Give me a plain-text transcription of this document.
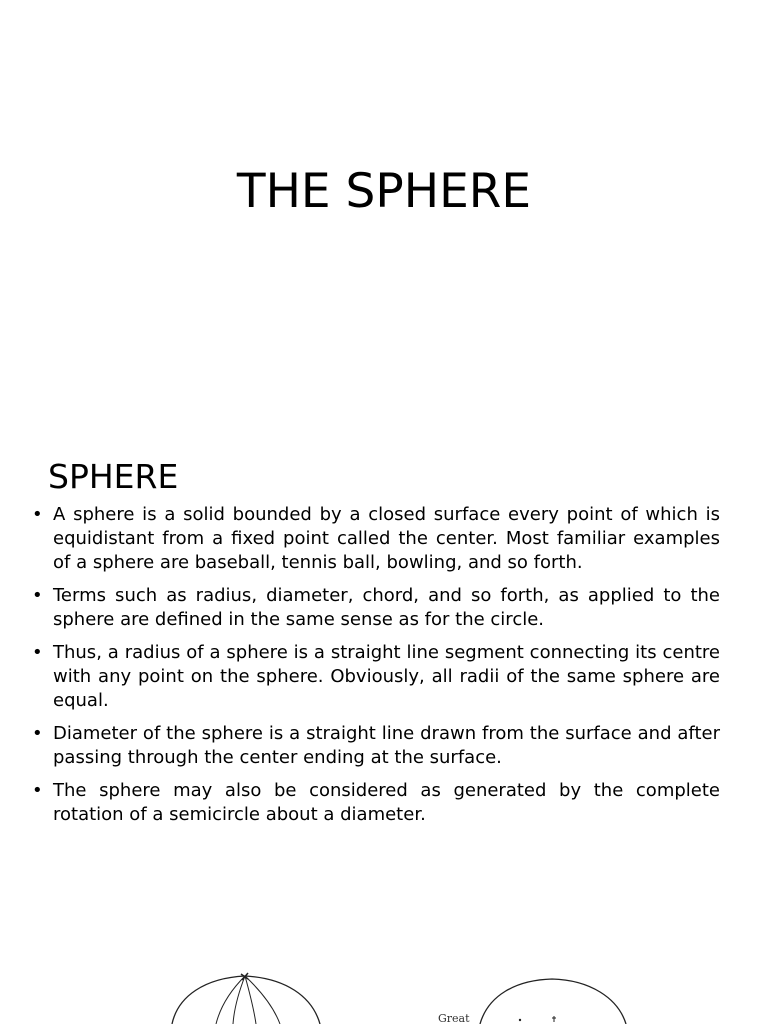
THE SPHERE
SPHERE
• A sphere is a solid bounded by a closed surface every point of which is equidistant from a fixed point called the center. Most familiar examples of a sphere are baseball, tennis ball, bowling, and so forth.
• Terms such as radius, diameter, chord, and so forth, as applied to the sphere are defined in the same sense as for the circle.
• Thus, a radius of a sphere is a straight line segment connecting its centre with any point on the sphere. Obviously, all radii of the same sphere are equal.
• Diameter of the sphere is a straight line drawn from the surface and after passing through the center ending at the surface.
• The sphere may also be considered as generated by the complete rotation of a semicircle about a diameter.
Great
